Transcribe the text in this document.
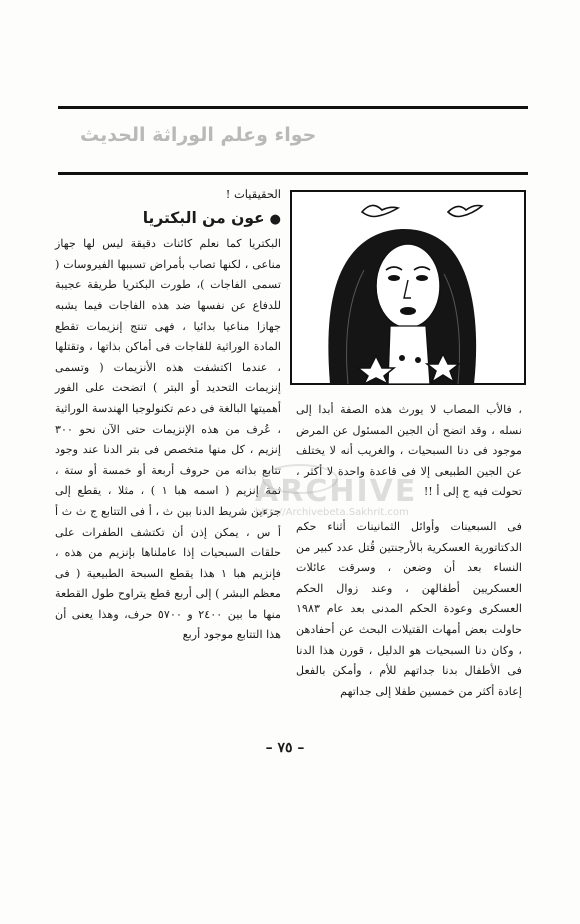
حواء وعلم الوراثة الحديث
الحقيقيات !
●عون من البكتريا

البكتريا كما نعلم كائنات دقيقة ليس لها جهاز مناعى ، لكنها تصاب بأمراض تسببها الفيروسات ( تسمى الفاجات )، طورت البكتريا طريقة عجيبة للدفاع عن نفسها ضد هذه الفاجات فيما يشبه جهازا مناعيا بدائيا ، فهى تنتج إنزيمات تقطع المادة الوراثية للفاجات فى أماكن بذاتها ، وتقتلها ، عندما اكتشفت هذه الأنزيمات ( وتسمى إنزيمات التحديد أو البتر ) اتضحت على الفور أهميتها البالغة فى دعم تكنولوجيا الهندسة الوراثية ، عُرف من هذه الإنزيمات حتى الآن نحو ٣٠٠ إنزيم ، كل منها متخصص فى بتر الدنا عند وجود تتابع بذاته من حروف أربعة أو خمسة أو ستة ، ثمة إنزيم ( اسمه هبا ١ ) ، مثلا ، يقطع إلى جزءين شريط الدنا بين ث ، أ فى التتابع ج ث ث أ أ س ، يمكن إذن أن تكتشف الطفرات على حلقات السبحيات إذا عاملناها بإنزيم من هذه ، فإنزيم هبا ١ هذا يقطع السبحة الطبيعية ( فى معظم البشر ) إلى أربع قطع يتراوح طول القطعة منها ما بين ٢٤٠٠ و ٥٧٠٠ حرف، وهذا يعنى أن هذا التتابع موجود أربع

، فالأب المصاب لا يورث هذه الصفة أبدا إلى نسله ، وقد اتضح أن الجين المسئول عن المرض موجود فى دنا السبحيات ، والغريب أنه لا يختلف عن الجين الطبيعى إلا فى قاعدة واحدة لا أكثر ، تحولت فيه ج إلى أ !!

فى السبعينات وأوائل الثمانينات أثناء حكم الدكتاتورية العسكرية بالأرجنتين قُتل عدد كبير من النساء بعد أن وضعن ، وسرقت عائلات العسكريين أطفالهن ، وعند زوال الحكم العسكرى وعودة الحكم المدنى بعد عام ١٩٨٣ حاولت بعض أمهات القتيلات البحث عن أحفادهن ، وكان دنا السبحيات هو الدليل ، قورن هذا الدنا فى الأطفال بدنا جداتهم للأم ، وأمكن بالفعل إعادة أكثر من خمسين طفلا إلى جداتهم

ARCHIVE
http://Archivebeta.Sakhrit.com
– ٧٥ –
